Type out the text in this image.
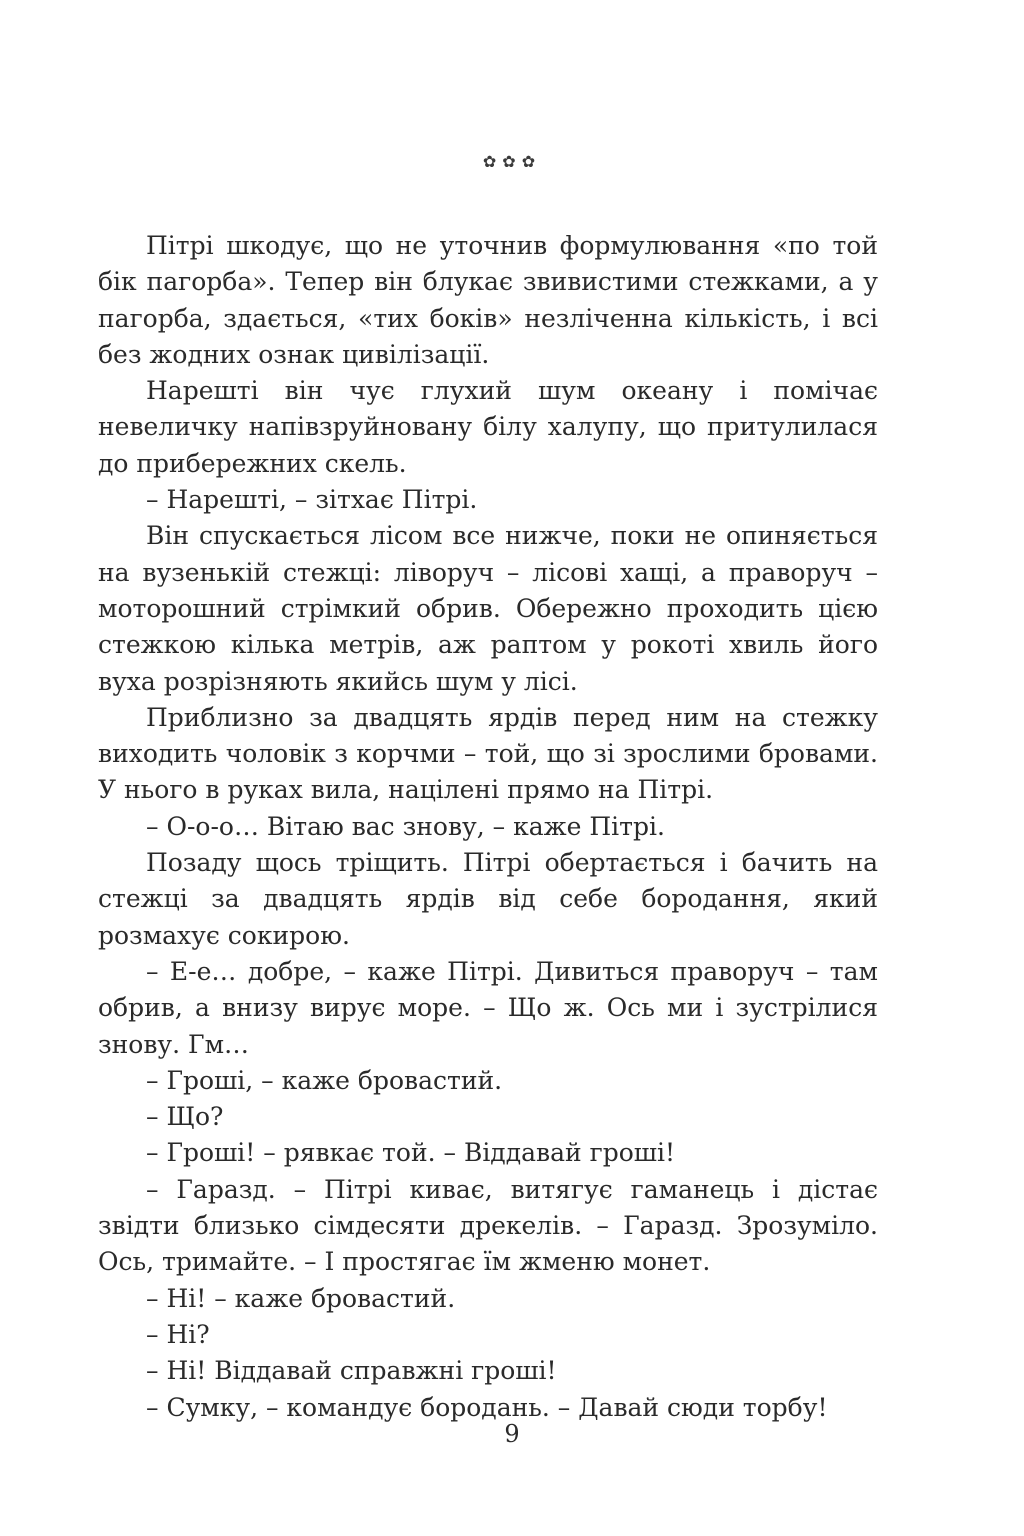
✿✿✿

Пітрі шкодує, що не уточнив формулювання «по той бік пагорба». Тепер він блукає звивистими стежками, а у пагорба, здається, «тих боків» незліченна кількість, і всі без жодних ознак цивілізації.

Нарешті він чує глухий шум океану і помічає невеличку напівзруйновану білу халупу, що притулилася до прибережних скель.

– Нарешті, – зітхає Пітрі.

Він спускається лісом все нижче, поки не опиняється на вузенькій стежці: ліворуч – лісові хащі, а праворуч – моторошний стрімкий обрив. Обережно проходить цією стежкою кілька метрів, аж раптом у рокоті хвиль його вуха розрізняють якийсь шум у лісі.

Приблизно за двадцять ярдів перед ним на стежку виходить чоловік з корчми – той, що зі зрослими бровами. У нього в руках вила, націлені прямо на Пітрі.

– О-о-о… Вітаю вас знову, – каже Пітрі.

Позаду щось тріщить. Пітрі обертається і бачить на стежці за двадцять ярдів від себе бородання, який розмахує сокирою.

– Е-е… добре, – каже Пітрі. Дивиться праворуч – там обрив, а внизу вирує море. – Що ж. Ось ми і зустрілися знову. Гм…

– Гроші, – каже бровастий.

– Що?

– Гроші! – рявкає той. – Віддавай гроші!

– Гаразд. – Пітрі киває, витягує гаманець і дістає звідти близько сімдесяти дрекелів. – Гаразд. Зрозуміло. Ось, тримайте. – І простягає їм жменю монет.

– Ні! – каже бровастий.

– Ні?

– Ні! Віддавай справжні гроші!

– Сумку, – командує бородань. – Давай сюди торбу!

9
